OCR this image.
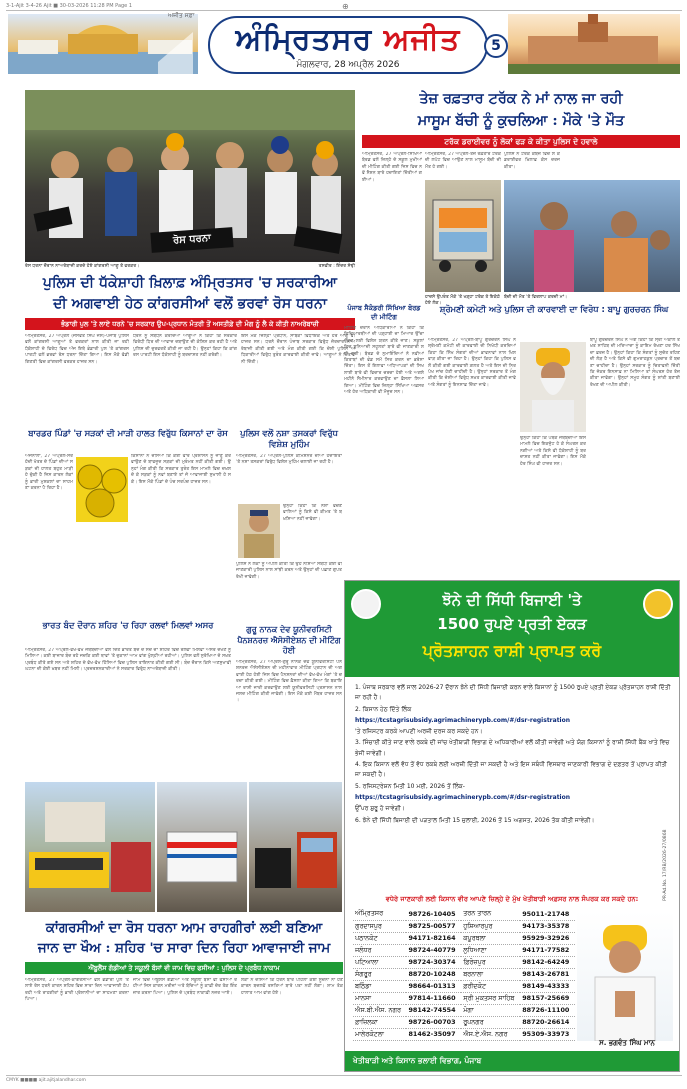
3-1-Ajit 3-4-26 Ajit ■ 30-03-2026 11:28 PM Page 1	⊕
ਅਜੀਤ ਸਫ਼ਾ
ਅੰਮ੍ਰਿਤਸਰ ਅਜੀਤ
ਮੰਗਲਵਾਰ, 28 ਅਪ੍ਰੈਲ 2026
5
ਰੋਸ ਧਰਨਾ
ਰੋਸ ਧਰਨਾ ਦੌਰਾਨ ਨਾਅਰੇਬਾਜ਼ੀ ਕਰਦੇ ਹੋਏ ਕਾਂਗਰਸੀ ਆਗੂ ਤੇ ਵਰਕਰ।	ਤਸਵੀਰ : ਇੰਦਰ ਸੋਢੀ
ਪੁਲਿਸ ਦੀ ਧੱਕੇਸ਼ਾਹੀ ਖ਼ਿਲਾਫ਼ ਅੰਮ੍ਰਿਤਸਰ 'ਚ ਸਰਕਾਰੀਆ
ਦੀ ਅਗਵਾਈ ਹੇਠ ਕਾਂਗਰਸੀਆਂ ਵਲੋਂ ਭਰਵਾਂ ਰੋਸ ਧਰਨਾ
ਭੰਡਾਰੀ ਪੁਲ 'ਤੇ ਲਾਏ ਧਰਨੇ 'ਚ ਸਰਕਾਰ ਉਪ-ਪ੍ਰਧਾਨ ਮੰਤਰੀ ਤੋਂ ਅਸਤੀਫ਼ੇ ਦੀ ਮੰਗ ਨੂੰ ਲੈ ਕੇ ਕੀਤੀ ਨਾਅਰੇਬਾਜ਼ੀ
ਅੰਮ੍ਰਿਤਸਰ, 27 ਅਪ੍ਰੈਲ (ਜਸਵੰਤ ਸਿੰਘ ਜੱਸ)-ਪੰਜਾਬ ਪੁਲਿਸ ਵਲੋਂ ਕਾਂਗਰਸੀ ਆਗੂਆਂ ਤੇ ਵਰਕਰਾਂ ਨਾਲ ਕੀਤੀ ਜਾ ਰਹੀ ਧੱਕੇਸ਼ਾਹੀ ਦੇ ਵਿਰੋਧ ਵਿਚ ਅੱਜ ਇਥੇ ਭੰਡਾਰੀ ਪੁਲ 'ਤੇ ਕਾਂਗਰਸ ਪਾਰਟੀ ਵਲੋਂ ਭਰਵਾਂ ਰੋਸ ਧਰਨਾ ਦਿੱਤਾ ਗਿਆ। ਇਸ ਮੌਕੇ ਵੱਡੀ ਗਿਣਤੀ ਵਿਚ ਕਾਂਗਰਸੀ ਵਰਕਰ ਹਾਜ਼ਰ ਸਨ।
ਧਰਨੇ ਨੂੰ ਸੰਬੋਧਨ ਕਰਦਿਆਂ ਆਗੂਆਂ ਨੇ ਕਿਹਾ ਕਿ ਸਰਕਾਰ ਵਿਰੋਧੀ ਧਿਰ ਦੀ ਆਵਾਜ਼ ਦਬਾਉਣ ਦੀ ਕੋਸ਼ਿਸ਼ ਕਰ ਰਹੀ ਹੈ ਅਤੇ ਪੁਲਿਸ ਦੀ ਦੁਰਵਰਤੋਂ ਕੀਤੀ ਜਾ ਰਹੀ ਹੈ। ਉਨ੍ਹਾਂ ਕਿਹਾ ਕਿ ਕਾਂਗਰਸ ਪਾਰਟੀ ਇਸ ਧੱਕੇਸ਼ਾਹੀ ਨੂੰ ਬਰਦਾਸ਼ਤ ਨਹੀਂ ਕਰੇਗੀ।
ਇਸ ਮੌਕੇ ਜ਼ਿਲ੍ਹਾ ਪ੍ਰਧਾਨ, ਸਾਬਕਾ ਵਿਧਾਇਕ ਅਤੇ ਹੋਰ ਆਗੂ ਵੀ ਹਾਜ਼ਰ ਸਨ। ਧਰਨੇ ਦੌਰਾਨ ਪੰਜਾਬ ਸਰਕਾਰ ਵਿਰੁੱਧ ਜ਼ੋਰਦਾਰ ਨਾਅਰੇਬਾਜ਼ੀ ਕੀਤੀ ਗਈ ਅਤੇ ਮੰਗ ਕੀਤੀ ਗਈ ਕਿ ਦੋਸ਼ੀ ਪੁਲਿਸ ਅਧਿਕਾਰੀਆਂ ਵਿਰੁੱਧ ਤੁਰੰਤ ਕਾਰਵਾਈ ਕੀਤੀ ਜਾਵੇ। ਆਗੂਆਂ ਨੇ ਚਿਤਾਵਨੀ ਦਿੱਤੀ।
ਬਾਰਡਰ ਪਿੰਡਾਂ 'ਚ ਸੜਕਾਂ ਦੀ ਮਾੜੀ ਹਾਲਤ ਵਿਰੁੱਧ ਕਿਸਾਨਾਂ ਦਾ ਰੋਸ
ਅਜਨਾਲਾ, 27 ਅਪ੍ਰੈਲ-ਸਰਹੱਦੀ ਖੇਤਰ ਦੇ ਪਿੰਡਾਂ ਦੀਆਂ ਸੜਕਾਂ ਦੀ ਹਾਲਤ ਬਹੁਤ ਮਾੜੀ ਹੋ ਚੁੱਕੀ ਹੈ ਜਿਸ ਕਾਰਨ ਲੋਕਾਂ ਨੂੰ ਭਾਰੀ ਮੁਸ਼ਕਲਾਂ ਦਾ ਸਾਹਮਣਾ ਕਰਨਾ ਪੈ ਰਿਹਾ ਹੈ।
ਕਿਸਾਨਾਂ ਨੇ ਦੱਸਿਆ ਕਿ ਕਈ ਵਾਰ ਪ੍ਰਸ਼ਾਸਨ ਨੂੰ ਜਾਣੂ ਕਰਵਾਉਣ ਦੇ ਬਾਵਜੂਦ ਸੜਕਾਂ ਦੀ ਮੁਰੰਮਤ ਨਹੀਂ ਕੀਤੀ ਗਈ। ਉਨ੍ਹਾਂ ਮੰਗ ਕੀਤੀ ਕਿ ਸਰਕਾਰ ਤੁਰੰਤ ਇਸ ਮਾਮਲੇ ਵਿਚ ਦਖ਼ਲ ਦੇ ਕੇ ਸੜਕਾਂ ਨੂੰ ਨਵਾਂ ਬਣਾਏ ਤਾਂ ਜੋ ਆਵਾਜਾਈ ਸੁਖਾਲੀ ਹੋ ਸਕੇ। ਇਸ ਮੌਕੇ ਪਿੰਡਾਂ ਦੇ ਪੰਚ ਸਰਪੰਚ ਹਾਜ਼ਰ ਸਨ।
ਭਾਰਤ ਬੰਦ ਦੌਰਾਨ ਸ਼ਹਿਰ 'ਚ ਰਿਹਾ ਰਲਵਾਂ ਮਿਲਵਾਂ ਅਸਰ
ਅੰਮ੍ਰਿਤਸਰ, 27 ਅਪ੍ਰੈਲ-ਵੱਖ-ਵੱਖ ਜਥੇਬੰਦੀਆਂ ਵਲੋਂ ਦਿੱਤੇ ਭਾਰਤ ਬੰਦ ਦੇ ਸੱਦੇ ਦਾ ਸ਼ਹਿਰ ਵਿਚ ਰਲਵਾਂ ਮਿਲਵਾਂ ਅਸਰ ਦੇਖਣ ਨੂੰ ਮਿਲਿਆ। ਕਈ ਬਾਜ਼ਾਰ ਬੰਦ ਰਹੇ ਜਦਕਿ ਕਈ ਥਾਵਾਂ 'ਤੇ ਦੁਕਾਨਾਂ ਆਮ ਵਾਂਗ ਖੁੱਲ੍ਹੀਆਂ ਰਹੀਆਂ। ਪੁਲਿਸ ਵਲੋਂ ਸੁਰੱਖਿਆ ਦੇ ਸਖ਼ਤ ਪ੍ਰਬੰਧ ਕੀਤੇ ਗਏ ਸਨ ਅਤੇ ਸ਼ਹਿਰ ਦੇ ਵੱਖ-ਵੱਖ ਹਿੱਸਿਆਂ ਵਿਚ ਪੁਲਿਸ ਤਾਇਨਾਤ ਕੀਤੀ ਗਈ ਸੀ। ਬੰਦ ਦੌਰਾਨ ਕਿਸੇ ਅਣਸੁਖਾਵੀਂ ਘਟਨਾ ਦੀ ਕੋਈ ਖ਼ਬਰ ਨਹੀਂ ਮਿਲੀ। ਪ੍ਰਦਰਸ਼ਨਕਾਰੀਆਂ ਨੇ ਸਰਕਾਰ ਵਿਰੁੱਧ ਨਾਅਰੇਬਾਜ਼ੀ ਕੀਤੀ।
ਪੁਲਿਸ ਵਲੋਂ ਨਸ਼ਾ ਤਸਕਰਾਂ ਵਿਰੁੱਧ ਵਿਸ਼ੇਸ਼ ਮੁਹਿੰਮ
ਅੰਮ੍ਰਿਤਸਰ, 27 ਅਪ੍ਰੈਲ-ਪੁਲਿਸ ਕਮਿਸ਼ਨਰ ਦੀਆਂ ਹਦਾਇਤਾਂ 'ਤੇ ਨਸ਼ਾ ਤਸਕਰਾਂ ਵਿਰੁੱਧ ਵਿਸ਼ੇਸ਼ ਮੁਹਿੰਮ ਚਲਾਈ ਜਾ ਰਹੀ ਹੈ।
ਉਨ੍ਹਾਂ ਕਿਹਾ ਕਿ ਨਸ਼ਾ ਵੇਚਣ ਵਾਲਿਆਂ ਨੂੰ ਕਿਸੇ ਵੀ ਕੀਮਤ 'ਤੇ ਬਖ਼ਸ਼ਿਆ ਨਹੀਂ ਜਾਵੇਗਾ।
ਪੁਲਿਸ ਨੇ ਲੋਕਾਂ ਨੂੰ ਅਪੀਲ ਕੀਤੀ ਕਿ ਉਹ ਨਸ਼ਿਆਂ ਸਬੰਧੀ ਕੋਈ ਵੀ ਜਾਣਕਾਰੀ ਪੁਲਿਸ ਨਾਲ ਸਾਂਝੀ ਕਰਨ ਅਤੇ ਉਨ੍ਹਾਂ ਦੀ ਪਛਾਣ ਗੁਪਤ ਰੱਖੀ ਜਾਵੇਗੀ।
ਗੁਰੂ ਨਾਨਕ ਦੇਵ ਯੂਨੀਵਰਸਿਟੀ ਪੈਨਸ਼ਨਰਜ਼ ਐਸੋਸੀਏਸ਼ਨ ਦੀ ਮੀਟਿੰਗ ਹੋਈ
ਅੰਮ੍ਰਿਤਸਰ, 27 ਅਪ੍ਰੈਲ-ਗੁਰੂ ਨਾਨਕ ਦੇਵ ਯੂਨੀਵਰਸਿਟੀ ਪੈਨਸ਼ਨਰਜ਼ ਐਸੋਸੀਏਸ਼ਨ ਦੀ ਮਹੀਨਾਵਾਰ ਮੀਟਿੰਗ ਪ੍ਰਧਾਨ ਦੀ ਅਗਵਾਈ ਹੇਠ ਹੋਈ ਜਿਸ ਵਿਚ ਪੈਨਸ਼ਨਰਾਂ ਦੀਆਂ ਵੱਖ-ਵੱਖ ਮੰਗਾਂ 'ਤੇ ਚਰਚਾ ਕੀਤੀ ਗਈ। ਮੀਟਿੰਗ ਵਿਚ ਫ਼ੈਸਲਾ ਕੀਤਾ ਗਿਆ ਕਿ ਬਕਾਇਆ ਰਾਸ਼ੀ ਜਾਰੀ ਕਰਵਾਉਣ ਲਈ ਯੂਨੀਵਰਸਿਟੀ ਪ੍ਰਸ਼ਾਸਨ ਨਾਲ ਜਲਦ ਮੀਟਿੰਗ ਕੀਤੀ ਜਾਵੇਗੀ। ਇਸ ਮੌਕੇ ਕਈ ਮੈਂਬਰ ਹਾਜ਼ਰ ਸਨ।
ਤੇਜ਼ ਰਫ਼ਤਾਰ ਟਰੱਕ ਨੇ ਮਾਂ ਨਾਲ ਜਾ ਰਹੀ
ਮਾਸੂਮ ਬੱਚੀ ਨੂੰ ਕੁਚਲਿਆ : ਮੌਕੇ 'ਤੇ ਮੌਤ
ਟਰੱਕ ਡਰਾਈਵਰ ਨੂੰ ਲੋਕਾਂ ਫੜ ਕੇ ਕੀਤਾ ਪੁਲਿਸ ਦੇ ਹਵਾਲੇ
ਅੰਮ੍ਰਿਤਸਰ, 27 ਅਪ੍ਰੈਲ-ਸਿੱਖਿਆ ਬੋਰਡ ਵਲੋਂ ਜ਼ਿਲ੍ਹੇ ਦੇ ਸਕੂਲ ਮੁਖੀਆਂ ਦੀ ਮੀਟਿੰਗ ਕੀਤੀ ਗਈ ਜਿਸ ਵਿਚ ਨਵੇਂ ਸੈਸ਼ਨ ਬਾਰੇ ਹਦਾਇਤਾਂ ਦਿੱਤੀਆਂ ਗਈਆਂ।
ਅੰਮ੍ਰਿਤਸਰ, 27 ਅਪ੍ਰੈਲ-ਤੇਜ਼ ਰਫ਼ਤਾਰ ਟਰੱਕ ਦੀ ਲਪੇਟ ਵਿਚ ਆਉਣ ਨਾਲ ਮਾਸੂਮ ਬੱਚੀ ਦੀ ਮੌਤ ਹੋ ਗਈ।
ਪੁਲਿਸ ਨੇ ਟਰੱਕ ਕਬਜ਼ੇ ਵਿਚ ਲੈ ਕੇ ਡਰਾਈਵਰ ਖ਼ਿਲਾਫ਼ ਕੇਸ ਦਰਜ ਕੀਤਾ।
ਹਾਦਸੇ ਉਪਰੰਤ ਮੌਕੇ 'ਤੇ ਖੜ੍ਹਾ ਟਰੱਕ ਤੇ ਇਕੱਠੇ ਹੋਏ ਲੋਕ।
ਬੱਚੀ ਦੀ ਮੌਤ 'ਤੇ ਵਿਰਲਾਪ ਕਰਦੀ ਮਾਂ।
ਪੰਜਾਬ ਸੈਕੰਡਰੀ ਸਿੱਖਿਆ ਬੋਰਡ ਦੀ ਮੀਟਿੰਗ
ਮੀਟਿੰਗ ਦੌਰਾਨ ਅਧਿਕਾਰੀਆਂ ਨੇ ਕਿਹਾ ਕਿ ਵਿਦਿਆਰਥੀਆਂ ਦੀ ਪੜ੍ਹਾਈ ਦਾ ਮਿਆਰ ਉੱਚਾ ਚੁੱਕਣ ਲਈ ਵਿਸ਼ੇਸ਼ ਯਤਨ ਕੀਤੇ ਜਾਣ। ਸਕੂਲਾਂ ਵਿਚ ਬੁਨਿਆਦੀ ਸਹੂਲਤਾਂ ਬਾਰੇ ਵੀ ਜਾਣਕਾਰੀ ਲਈ ਗਈ। ਬੋਰਡ ਦੇ ਨੁਮਾਇੰਦਿਆਂ ਨੇ ਨਵੀਆਂ ਕਿਤਾਬਾਂ ਦੀ ਵੰਡ ਸਮੇਂ ਸਿਰ ਕਰਨ ਦਾ ਭਰੋਸਾ ਦਿੱਤਾ। ਇਸ ਤੋਂ ਇਲਾਵਾ ਅਧਿਆਪਕਾਂ ਦੀ ਸਿਖਲਾਈ ਬਾਰੇ ਵੀ ਵਿਚਾਰ ਚਰਚਾ ਹੋਈ ਅਤੇ ਅਗਲੇ ਮਹੀਨੇ ਸੈਮੀਨਾਰ ਕਰਵਾਉਣ ਦਾ ਫ਼ੈਸਲਾ ਲਿਆ ਗਿਆ। ਮੀਟਿੰਗ ਵਿਚ ਜ਼ਿਲ੍ਹਾ ਸਿੱਖਿਆ ਅਫ਼ਸਰ ਅਤੇ ਹੋਰ ਅਧਿਕਾਰੀ ਵੀ ਮੌਜੂਦ ਸਨ।
ਸ਼੍ਰੋਮਣੀ ਕਮੇਟੀ ਅਤੇ ਪੁਲਿਸ ਦੀ ਕਾਰਵਾਈ ਦਾ ਵਿਰੋਧ : ਬਾਪੂ ਗੁਰਚਰਨ ਸਿੰਘ
ਅੰਮ੍ਰਿਤਸਰ, 27 ਅਪ੍ਰੈਲ-ਬਾਪੂ ਗੁਰਚਰਨ ਸਿੰਘ ਨੇ ਸ਼੍ਰੋਮਣੀ ਕਮੇਟੀ ਦੀ ਕਾਰਵਾਈ ਦੀ ਨਿਖੇਧੀ ਕਰਦਿਆਂ ਕਿਹਾ ਕਿ ਸਿੱਖ ਸੰਗਤਾਂ ਦੀਆਂ ਭਾਵਨਾਵਾਂ ਨਾਲ ਖਿਲਵਾੜ ਕੀਤਾ ਜਾ ਰਿਹਾ ਹੈ। ਉਨ੍ਹਾਂ ਕਿਹਾ ਕਿ ਪੁਲਿਸ ਵਲੋਂ ਕੀਤੀ ਗਈ ਕਾਰਵਾਈ ਗ਼ਲਤ ਹੈ ਅਤੇ ਇਸ ਦੀ ਨਿਰਪੱਖ ਜਾਂਚ ਹੋਣੀ ਚਾਹੀਦੀ ਹੈ। ਉਨ੍ਹਾਂ ਸਰਕਾਰ ਤੋਂ ਮੰਗ ਕੀਤੀ ਕਿ ਦੋਸ਼ੀਆਂ ਵਿਰੁੱਧ ਸਖ਼ਤ ਕਾਰਵਾਈ ਕੀਤੀ ਜਾਵੇ ਅਤੇ ਸੰਗਤਾਂ ਨੂੰ ਇਨਸਾਫ਼ ਦਿੱਤਾ ਜਾਵੇ।
ਉਨ੍ਹਾਂ ਕਿਹਾ ਕਿ ਪੰਥਕ ਜਥੇਬੰਦੀਆਂ ਇਸ ਮਾਮਲੇ ਵਿਚ ਇਕਜੁੱਟ ਹੋ ਕੇ ਸੰਘਰਸ਼ ਕਰਨਗੀਆਂ ਅਤੇ ਕਿਸੇ ਵੀ ਧੱਕੇਸ਼ਾਹੀ ਨੂੰ ਬਰਦਾਸ਼ਤ ਨਹੀਂ ਕੀਤਾ ਜਾਵੇਗਾ। ਇਸ ਮੌਕੇ ਹੋਰ ਸਿੰਘ ਵੀ ਹਾਜ਼ਰ ਸਨ।
ਬਾਪੂ ਗੁਰਚਰਨ ਸਿੰਘ ਨੇ ਅੱਗੇ ਕਿਹਾ ਕਿ ਸ੍ਰੀ ਅਕਾਲ ਤਖ਼ਤ ਸਾਹਿਬ ਦੀ ਮਰਿਆਦਾ ਨੂੰ ਕਾਇਮ ਰੱਖਣਾ ਹਰ ਸਿੱਖ ਦਾ ਫ਼ਰਜ਼ ਹੈ। ਉਨ੍ਹਾਂ ਕਿਹਾ ਕਿ ਸੰਗਤਾਂ ਨੂੰ ਸੁਚੇਤ ਰਹਿਣ ਦੀ ਲੋੜ ਹੈ ਅਤੇ ਕਿਸੇ ਵੀ ਗੁਮਰਾਹਕੁਨ ਪ੍ਰਚਾਰ ਤੋਂ ਬਚਣਾ ਚਾਹੀਦਾ ਹੈ। ਉਨ੍ਹਾਂ ਸਰਕਾਰ ਨੂੰ ਚਿਤਾਵਨੀ ਦਿੱਤੀ ਕਿ ਜੇਕਰ ਇਨਸਾਫ਼ ਨਾ ਮਿਲਿਆ ਤਾਂ ਸੰਘਰਸ਼ ਹੋਰ ਤੇਜ਼ ਕੀਤਾ ਜਾਵੇਗਾ। ਉਨ੍ਹਾਂ ਸਮੂਹ ਸੰਗਤ ਨੂੰ ਸ਼ਾਂਤੀ ਬਣਾਈ ਰੱਖਣ ਦੀ ਅਪੀਲ ਕੀਤੀ।
ਕਾਂਗਰਸੀਆਂ ਦਾ ਰੋਸ ਧਰਨਾ ਆਮ ਰਾਹਗੀਰਾਂ ਲਈ ਬਣਿਆ
ਜਾਨ ਦਾ ਖੌਅ : ਸ਼ਹਿਰ 'ਚ ਸਾਰਾ ਦਿਨ ਰਿਹਾ ਆਵਾਜਾਈ ਜਾਮ
ਐਂਬੂਲੈਂਸ ਗੱਡੀਆਂ ਤੇ ਸਕੂਲੀ ਬੱਸਾਂ ਵੀ ਜਾਮ ਵਿਚ ਫਸੀਆਂ : ਪੁਲਿਸ ਦੇ ਪ੍ਰਬੰਧ ਨਾਕਾਮ
ਅੰਮ੍ਰਿਤਸਰ, 27 ਅਪ੍ਰੈਲ-ਕਾਂਗਰਸੀਆਂ ਵਲੋਂ ਭੰਡਾਰੀ ਪੁਲ 'ਤੇ ਲਾਏ ਰੋਸ ਧਰਨੇ ਕਾਰਨ ਸ਼ਹਿਰ ਵਿਚ ਸਾਰਾ ਦਿਨ ਆਵਾਜਾਈ ਠੱਪ ਰਹੀ ਅਤੇ ਰਾਹਗੀਰਾਂ ਨੂੰ ਭਾਰੀ ਪ੍ਰੇਸ਼ਾਨੀਆਂ ਦਾ ਸਾਹਮਣਾ ਕਰਨਾ ਪਿਆ।
ਜਾਮ ਵਿਚ ਐਂਬੂਲੈਂਸ ਗੱਡੀਆਂ ਅਤੇ ਸਕੂਲੀ ਬੱਸਾਂ ਵੀ ਫਸੀਆਂ ਰਹੀਆਂ ਜਿਸ ਕਾਰਨ ਮਰੀਜ਼ਾਂ ਅਤੇ ਬੱਚਿਆਂ ਨੂੰ ਕਾਫ਼ੀ ਦੇਰ ਤੱਕ ਇੰਤਜ਼ਾਰ ਕਰਨਾ ਪਿਆ। ਪੁਲਿਸ ਦੇ ਪ੍ਰਬੰਧ ਨਾਕਾਫ਼ੀ ਨਜ਼ਰ ਆਏ।
ਲੋਕਾਂ ਨੇ ਦੱਸਿਆ ਕਿ ਧਰਨੇ ਬਾਰੇ ਪਹਿਲਾਂ ਕੋਈ ਸੂਚਨਾ ਨਾ ਹੋਣ ਕਾਰਨ ਬਦਲਵੇਂ ਰਸਤਿਆਂ ਬਾਰੇ ਪਤਾ ਨਹੀਂ ਲੱਗਾ। ਸ਼ਾਮ ਤੱਕ ਹਾਲਾਤ ਆਮ ਵਾਂਗ ਹੋਏ।
ਝੋਨੇ ਦੀ ਸਿੱਧੀ ਬਿਜਾਈ 'ਤੇ
1500 ਰੁਪਏ ਪ੍ਰਤੀ ਏਕੜ
ਪ੍ਰੋਤਸ਼ਾਹਨ ਰਾਸ਼ੀ ਪ੍ਰਾਪਤ ਕਰੋ
1. ਪੰਜਾਬ ਸਰਕਾਰ ਵਲੋਂ ਸਾਲ 2026-27 ਦੌਰਾਨ ਝੋਨੇ ਦੀ ਸਿੱਧੀ ਬਿਜਾਈ ਕਰਨ ਵਾਲੇ ਕਿਸਾਨਾਂ ਨੂੰ 1500 ਰੁਪਏ ਪ੍ਰਤੀ ਏਕੜ ਪ੍ਰੋਤਸ਼ਾਹਨ ਰਾਸ਼ੀ ਦਿੱਤੀ ਜਾ ਰਹੀ ਹੈ।
2. ਕਿਸਾਨ ਹੇਠ ਦਿੱਤੇ ਲਿੰਕ
https://tcstagrisubsidy.agrimachinerypb.com/#/dsr-registration
'ਤੇ ਰਜਿਸਟਰ ਕਰਕੇ ਆਪਣੀ ਅਰਜ਼ੀ ਦਰਜ ਕਰ ਸਕਦੇ ਹਨ।
3. ਸਿੰਚਾਈ ਕੀਤੇ ਜਾਣ ਵਾਲੇ ਰਕਬੇ ਦੀ ਜਾਂਚ ਖੇਤੀਬਾੜੀ ਵਿਭਾਗ ਦੇ ਅਧਿਕਾਰੀਆਂ ਵਲੋਂ ਕੀਤੀ ਜਾਵੇਗੀ ਅਤੇ ਯੋਗ ਕਿਸਾਨਾਂ ਨੂੰ ਰਾਸ਼ੀ ਸਿੱਧੀ ਬੈਂਕ ਖਾਤੇ ਵਿਚ ਭੇਜੀ ਜਾਵੇਗੀ।
4. ਇਕ ਕਿਸਾਨ ਵਲੋਂ ਵੱਧ ਤੋਂ ਵੱਧ ਰਕਬੇ ਲਈ ਅਰਜ਼ੀ ਦਿੱਤੀ ਜਾ ਸਕਦੀ ਹੈ ਅਤੇ ਇਸ ਸਬੰਧੀ ਵਿਸਥਾਰ ਜਾਣਕਾਰੀ ਵਿਭਾਗ ਦੇ ਦਫ਼ਤਰ ਤੋਂ ਪ੍ਰਾਪਤ ਕੀਤੀ ਜਾ ਸਕਦੀ ਹੈ।
5. ਰਜਿਸਟਰੇਸ਼ਨ ਮਿਤੀ 10 ਮਈ, 2026 ਤੋਂ ਲਿੰਕ-
https://tcstagrisubsidy.agrimachinerypb.com/#/dsr-registration
ਉੱਪਰ ਸ਼ੁਰੂ ਹੋ ਜਾਵੇਗੀ।
6. ਝੋਨੇ ਦੀ ਸਿੱਧੀ ਬਿਜਾਈ ਦੀ ਪੜਤਾਲ ਮਿਤੀ 15 ਜੁਲਾਈ, 2026 ਤੋਂ 15 ਅਗਸਤ, 2026 ਤੱਕ ਕੀਤੀ ਜਾਵੇਗੀ।
ਵਧੇਰੇ ਜਾਣਕਾਰੀ ਲਈ ਕਿਸਾਨ ਵੀਰ ਆਪਣੇ ਜ਼ਿਲ੍ਹੇ ਦੇ ਮੁੱਖ ਖੇਤੀਬਾੜੀ ਅਫ਼ਸਰ ਨਾਲ ਸੰਪਰਕ ਕਰ ਸਕਦੇ ਹਨ:
ਅੰਮ੍ਰਿਤਸਰ	98726-10405	ਤਰਨ ਤਾਰਨ	95011-21748
ਗੁਰਦਾਸਪੁਰ	98725-00577	ਹੁਸ਼ਿਆਰਪੁਰ	94173-35378
ਪਠਾਨਕੋਟ	94171-82164	ਕਪੂਰਥਲਾ	95929-32926
ਜਲੰਧਰ	98724-40779	ਲੁਧਿਆਣਾ	94171-77582
ਪਟਿਆਲਾ	98724-30374	ਫ਼ਿਰੋਜ਼ਪੁਰ	98142-64249
ਸੰਗਰੂਰ	88720-10248	ਬਰਨਾਲਾ	98143-26781
ਬਠਿੰਡਾ	98664-01313	ਫ਼ਰੀਦਕੋਟ	98149-43333
ਮਾਨਸਾ	97814-11660	ਸ੍ਰੀ ਮੁਕਤਸਰ ਸਾਹਿਬ	98157-25669
ਐਸ.ਬੀ.ਐਸ. ਨਗਰ	98142-74554	ਮੋਗਾ	88726-11100
ਫ਼ਾਜ਼ਿਲਕਾ	98726-00703	ਰੂਪਨਗਰ	88720-26614
ਮਾਲੇਰਕੋਟਲਾ	81462-35097	ਐਸ.ਏ.ਐਸ. ਨਗਰ	95309-33973
ਸ. ਭਗਵੰਤ ਸਿੰਘ ਮਾਨ
PR-Ad.No. 17/RB/2026-27/0868
ਖੇਤੀਬਾੜੀ ਅਤੇ ਕਿਸਾਨ ਭਲਾਈ ਵਿਭਾਗ, ਪੰਜਾਬ
CMYK ■■■■ ajit.ajitjalandhar.com
